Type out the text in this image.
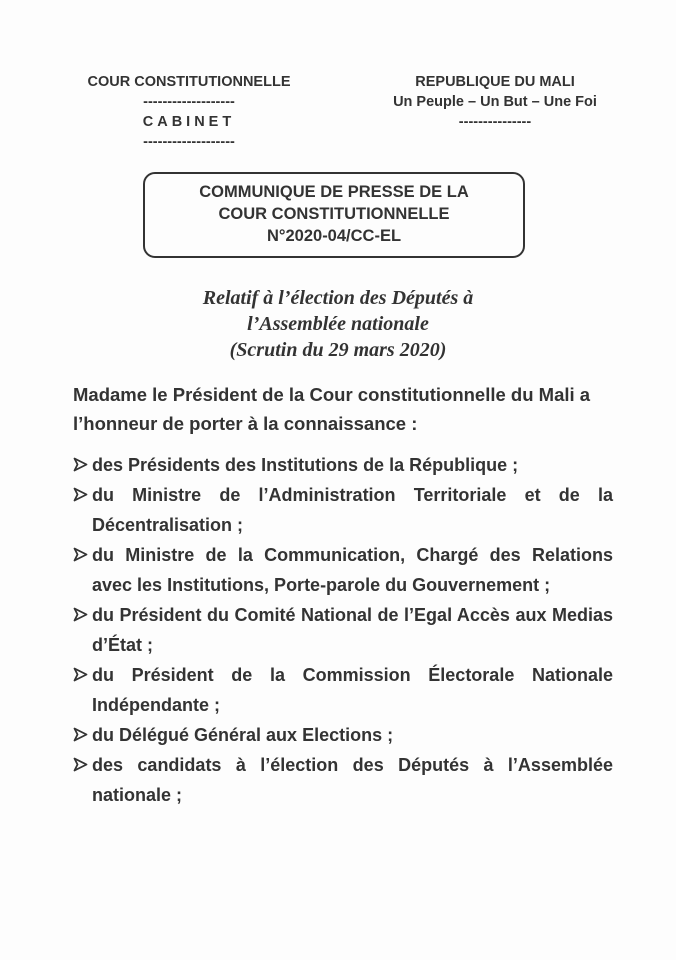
COUR CONSTITUTIONNELLE
-------------------
CABINET
-------------------
REPUBLIQUE DU MALI
Un Peuple – Un But – Une Foi
---------------
COMMUNIQUE DE PRESSE DE LA
COUR CONSTITUTIONNELLE
N°2020-04/CC-EL
Relatif à l’élection des Députés à
l’Assemblée nationale
(Scrutin du 29 mars 2020)
Madame le Président de la Cour constitutionnelle du Mali a l’honneur de porter à la connaissance :
des Présidents des Institutions de la République ;
du Ministre de l’Administration Territoriale et de la Décentralisation ;
du Ministre de la Communication, Chargé des Relations avec les Institutions, Porte-parole du Gouvernement ;
du Président du Comité National de l’Egal Accès aux Medias d’État ;
du Président de la Commission Électorale Nationale Indépendante ;
du Délégué Général aux Elections ;
des candidats à l’élection des Députés à l’Assemblée nationale ;
